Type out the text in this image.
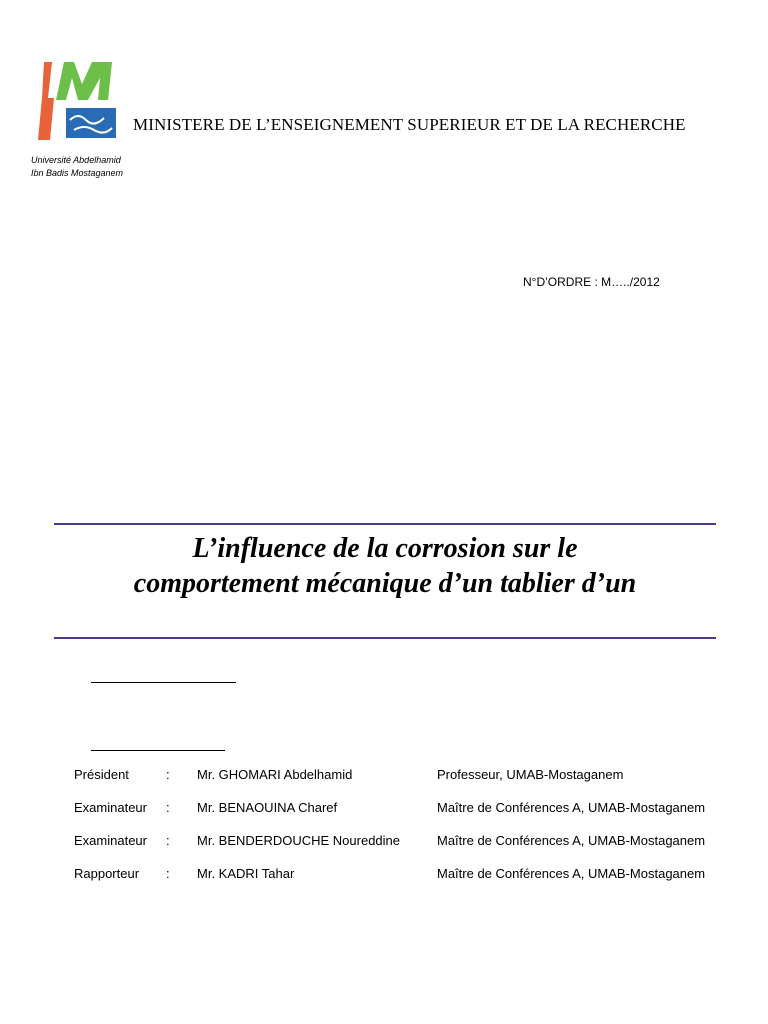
MINISTERE DE L’ENSEIGNEMENT SUPERIEUR ET DE LA RECHERCHE
Université Abdelhamid
Ibn Badis Mostaganem
N°D’ORDRE : M…../2012
L’influence de la corrosion sur le
comportement mécanique d’un tablier d’un
Président	: Mr. GHOMARI Abdelhamid	Professeur, UMAB-Mostaganem
Examinateur : Mr. BENAOUINA Charef	Maître de Conférences A, UMAB-Mostaganem
Examinateur : Mr. BENDERDOUCHE Noureddine	Maître de Conférences A, UMAB-Mostaganem
Rapporteur : Mr. KADRI Tahar	Maître de Conférences A, UMAB-Mostaganem
